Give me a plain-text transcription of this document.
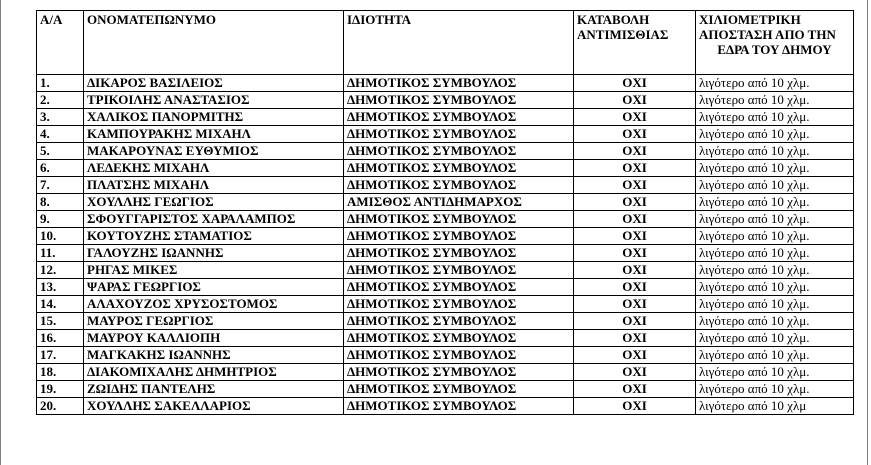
Α/Α	ΟΝΟΜΑΤΕΠΩΝΥΜΟ	ΙΔΙΟΤΗΤΑ	ΚΑΤΑΒΟΛΗ ΑΝΤΙΜΙΣΘΙΑΣ	ΧΙΛΙΟΜΕΤΡΙΚΗ ΑΠΟΣΤΑΣΗ ΑΠΟ ΤΗΝ ΕΔΡΑ ΤΟΥ ΔΗΜΟΥ
1.	ΔΙΚΑΡΟΣ ΒΑΣΙΛΕΙΟΣ	ΔΗΜΟΤΙΚΟΣ ΣΥΜΒΟΥΛΟΣ	ΟΧΙ	λιγότερο από 10 χλμ.
2.	ΤΡΙΚΟΙΛΗΣ ΑΝΑΣΤΑΣΙΟΣ	ΔΗΜΟΤΙΚΟΣ ΣΥΜΒΟΥΛΟΣ	ΟΧΙ	λιγότερο από 10 χλμ.
3.	ΧΑΛΙΚΟΣ ΠΑΝΟΡΜΙΤΗΣ	ΔΗΜΟΤΙΚΟΣ ΣΥΜΒΟΥΛΟΣ	ΟΧΙ	λιγότερο από 10 χλμ.
4.	ΚΑΜΠΟΥΡΑΚΗΣ ΜΙΧΑΗΛ	ΔΗΜΟΤΙΚΟΣ ΣΥΜΒΟΥΛΟΣ	ΟΧΙ	λιγότερο από 10 χλμ.
5.	ΜΑΚΑΡΟΥΝΑΣ ΕΥΘΥΜΙΟΣ	ΔΗΜΟΤΙΚΟΣ ΣΥΜΒΟΥΛΟΣ	ΟΧΙ	λιγότερο από 10 χλμ.
6.	ΛΕΔΕΚΗΣ ΜΙΧΑΗΛ	ΔΗΜΟΤΙΚΟΣ ΣΥΜΒΟΥΛΟΣ	ΟΧΙ	λιγότερο από 10 χλμ.
7.	ΠΛΑΤΣΗΣ ΜΙΧΑΗΛ	ΔΗΜΟΤΙΚΟΣ ΣΥΜΒΟΥΛΟΣ	ΟΧΙ	λιγότερο από 10 χλμ.
8.	ΧΟΥΛΛΗΣ ΓΕΩΓΙΟΣ	ΑΜΙΣΘΟΣ ΑΝΤΙΔΗΜΑΡΧΟΣ	ΟΧΙ	λιγότερο από 10 χλμ.
9.	ΣΦΟΥΓΓΑΡΙΣΤΟΣ ΧΑΡΑΛΑΜΠΟΣ	ΔΗΜΟΤΙΚΟΣ ΣΥΜΒΟΥΛΟΣ	ΟΧΙ	λιγότερο από 10 χλμ.
10.	ΚΟΥΤΟΥΖΗΣ ΣΤΑΜΑΤΙΟΣ	ΔΗΜΟΤΙΚΟΣ ΣΥΜΒΟΥΛΟΣ	ΟΧΙ	λιγότερο από 10 χλμ.
11.	ΓΑΛΟΥΖΗΣ ΙΩΑΝΝΗΣ	ΔΗΜΟΤΙΚΟΣ ΣΥΜΒΟΥΛΟΣ	ΟΧΙ	λιγότερο από 10 χλμ.
12.	ΡΗΓΑΣ ΜΙΚΕΣ	ΔΗΜΟΤΙΚΟΣ ΣΥΜΒΟΥΛΟΣ	ΟΧΙ	λιγότερο από 10 χλμ.
13.	ΨΑΡΑΣ ΓΕΩΡΓΙΟΣ	ΔΗΜΟΤΙΚΟΣ ΣΥΜΒΟΥΛΟΣ	ΟΧΙ	λιγότερο από 10 χλμ.
14.	ΑΛΑΧΟΥΖΟΣ ΧΡΥΣΟΣΤΟΜΟΣ	ΔΗΜΟΤΙΚΟΣ ΣΥΜΒΟΥΛΟΣ	ΟΧΙ	λιγότερο από 10 χλμ.
15.	ΜΑΥΡΟΣ ΓΕΩΡΓΙΟΣ	ΔΗΜΟΤΙΚΟΣ ΣΥΜΒΟΥΛΟΣ	ΟΧΙ	λιγότερο από 10 χλμ.
16.	ΜΑΥΡΟΥ ΚΑΛΛΙΟΠΗ	ΔΗΜΟΤΙΚΟΣ ΣΥΜΒΟΥΛΟΣ	ΟΧΙ	λιγότερο από 10 χλμ.
17.	ΜΑΓΚΑΚΗΣ ΙΩΑΝΝΗΣ	ΔΗΜΟΤΙΚΟΣ ΣΥΜΒΟΥΛΟΣ	ΟΧΙ	λιγότερο από 10 χλμ.
18.	ΔΙΑΚΟΜΙΧΑΛΗΣ ΔΗΜΗΤΡΙΟΣ	ΔΗΜΟΤΙΚΟΣ ΣΥΜΒΟΥΛΟΣ	ΟΧΙ	λιγότερο από 10 χλμ.
19.	ΖΩΙΔΗΣ ΠΑΝΤΕΛΗΣ	ΔΗΜΟΤΙΚΟΣ ΣΥΜΒΟΥΛΟΣ	ΟΧΙ	λιγότερο από 10 χλμ.
20.	ΧΟΥΛΛΗΣ ΣΑΚΕΛΛΑΡΙΟΣ	ΔΗΜΟΤΙΚΟΣ ΣΥΜΒΟΥΛΟΣ	ΟΧΙ	λιγότερο από 10 χλμ
